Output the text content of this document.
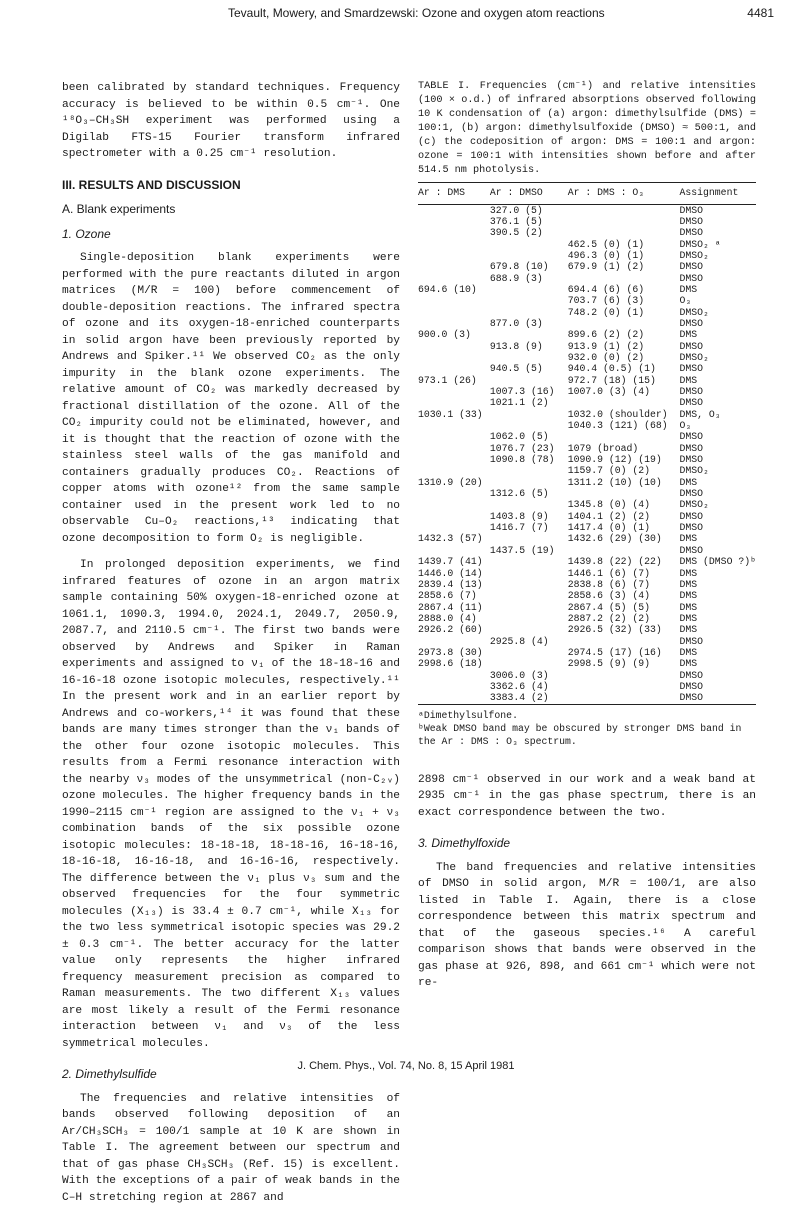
Tevault, Mowery, and Smardzewski: Ozone and oxygen atom reactions	4481

been calibrated by standard techniques. Frequency accuracy is believed to be within 0.5 cm⁻¹. One ¹⁸O₃–CH₃SH experiment was performed using a Digilab FTS-15 Fourier transform infrared spectrometer with a 0.25 cm⁻¹ resolution.

III. RESULTS AND DISCUSSION
A. Blank experiments
1. Ozone

Single-deposition blank experiments were performed with the pure reactants diluted in argon matrices (M/R = 100) before commencement of double-deposition reactions. The infrared spectra of ozone and its oxygen-18-enriched counterparts in solid argon have been previously reported by Andrews and Spiker.¹¹ We observed CO₂ as the only impurity in the blank ozone experiments. The relative amount of CO₂ was markedly decreased by fractional distillation of the ozone. All of the CO₂ impurity could not be eliminated, however, and it is thought that the reaction of ozone with the stainless steel walls of the gas manifold and containers gradually produces CO₂. Reactions of copper atoms with ozone¹² from the same sample container used in the present work led to no observable Cu–O₂ reactions,¹³ indicating that ozone decomposition to form O₂ is negligible.

In prolonged deposition experiments, we find infrared features of ozone in an argon matrix sample containing 50% oxygen-18-enriched ozone at 1061.1, 1090.3, 1994.0, 2024.1, 2049.7, 2050.9, 2087.7, and 2110.5 cm⁻¹. The first two bands were observed by Andrews and Spiker in Raman experiments and assigned to ν₁ of the 18-18-16 and 16-16-18 ozone isotopic molecules, respectively.¹¹ In the present work and in an earlier report by Andrews and co-workers,¹⁴ it was found that these bands are many times stronger than the ν₁ bands of the other four ozone isotopic molecules. This results from a Fermi resonance interaction with the nearby ν₃ modes of the unsymmetrical (non-C₂ᵥ) ozone molecules. The higher frequency bands in the 1990–2115 cm⁻¹ region are assigned to the ν₁ + ν₃ combination bands of the six possible ozone isotopic molecules: 18-18-18, 18-18-16, 16-18-16, 18-16-18, 16-16-18, and 16-16-16, respectively. The difference between the ν₁ plus ν₃ sum and the observed frequencies for the four symmetric molecules (X₁₃) is 33.4 ± 0.7 cm⁻¹, while X₁₃ for the two less symmetrical isotopic species was 29.2 ± 0.3 cm⁻¹. The better accuracy for the latter value only represents the higher infrared frequency measurement precision as compared to Raman measurements. The two different X₁₃ values are most likely a result of the Fermi resonance interaction between ν₁ and ν₃ of the less symmetrical molecules.

2. Dimethylsulfide

The frequencies and relative intensities of bands observed following deposition of an Ar/CH₃SCH₃ = 100/1 sample at 10 K are shown in Table I. The agreement between our spectrum and that of gas phase CH₃SCH₃ (Ref. 15) is excellent. With the exceptions of a pair of weak bands in the C–H stretching region at 2867 and

TABLE I. Frequencies (cm⁻¹) and relative intensities (100 × o.d.) of infrared absorptions observed following 10 K condensation of (a) argon: dimethylsulfide (DMS) = 100:1, (b) argon: dimethylsulfoxide (DMSO) ≈ 500:1, and (c) the codeposition of argon: DMS = 100:1 and argon: ozone = 100:1 with intensities shown before and after 514.5 nm photolysis.

Ar : DMS	Ar : DMSO	Ar : DMS : O₃	Assignment
	327.0 (5)		DMSO
	376.1 (5)		DMSO
	390.5 (2)		DMSO
		462.5 (0) (1)	DMSO₂ ᵃ
		496.3 (0) (1)	DMSO₂
	679.8 (10)	679.9 (1) (2)	DMSO
	688.9 (3)		DMSO
694.6 (10)		694.4 (6) (6)	DMS
		703.7 (6) (3)	O₃
		748.2 (0) (1)	DMSO₂
	877.0 (3)		DMSO
900.0 (3)		899.6 (2) (2)	DMS
	913.8 (9)	913.9 (1) (2)	DMSO
		932.0 (0) (2)	DMSO₂
	940.5 (5)	940.4 (0.5) (1)	DMSO
973.1 (26)		972.7 (18) (15)	DMS
	1007.3 (16)	1007.0 (3) (4)	DMSO
	1021.1 (2)		DMSO
1030.1 (33)		1032.0 (shoulder)	DMS, O₃
		1040.3 (121) (68)	O₃
	1062.0 (5)		DMSO
	1076.7 (23)	1079 (broad)	DMSO
	1090.8 (78)	1090.9 (12) (19)	DMSO
		1159.7 (0) (2)	DMSO₂
1310.9 (20)		1311.2 (10) (10)	DMS
	1312.6 (5)		DMSO
		1345.8 (0) (4)	DMSO₂
	1403.8 (9)	1404.1 (2) (2)	DMSO
	1416.7 (7)	1417.4 (0) (1)	DMSO
1432.3 (57)		1432.6 (29) (30)	DMS
	1437.5 (19)		DMSO
1439.7 (41)		1439.8 (22) (22)	DMS (DMSO ?)ᵇ
1446.0 (14)		1446.1 (6) (7)	DMS
2839.4 (13)		2838.8 (6) (7)	DMS
2858.6 (7)		2858.6 (3) (4)	DMS
2867.4 (11)		2867.4 (5) (5)	DMS
2888.0 (4)		2887.2 (2) (2)	DMS
2926.2 (60)		2926.5 (32) (33)	DMS
	2925.8 (4)		DMSO
2973.8 (30)		2974.5 (17) (16)	DMS
2998.6 (18)		2998.5 (9) (9)	DMS
	3006.0 (3)		DMSO
	3362.6 (4)		DMSO
	3383.4 (2)		DMSO
ᵃDimethylsulfone.
ᵇWeak DMSO band may be obscured by stronger DMS band in the Ar : DMS : O₃ spectrum.

2898 cm⁻¹ observed in our work and a weak band at 2935 cm⁻¹ in the gas phase spectrum, there is an exact correspondence between the two.

3. Dimethylfoxide

The band frequencies and relative intensities of DMSO in solid argon, M/R = 100/1, are also listed in Table I. Again, there is a close correspondence between this matrix spectrum and that of the gaseous species.¹⁶ A careful comparison shows that bands were observed in the gas phase at 926, 898, and 661 cm⁻¹ which were not re-

J. Chem. Phys., Vol. 74, No. 8, 15 April 1981
